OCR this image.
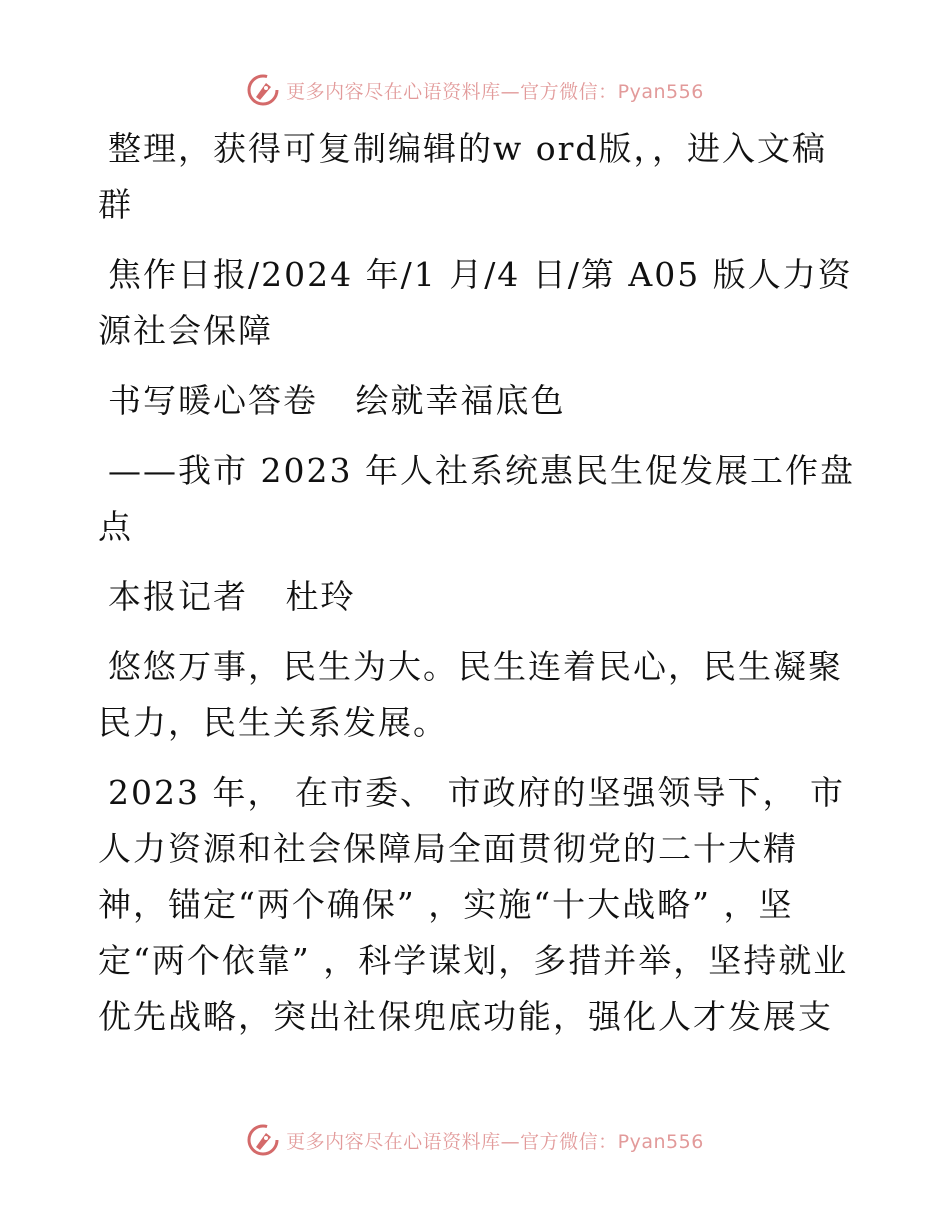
更多内容尽在心语资料库—官方微信：Pyan556

整理，获得可复制编辑的w ord版，，进入文稿群

焦作日报/2024 年/1 月/4 日/第 A05 版人力资源社会保障

书写暖心答卷   绘就幸福底色

——我市 2023 年人社系统惠民生促发展工作盘点

本报记者   杜玲

悠悠万事，民生为大。民生连着民心，民生凝聚民力，民生关系发展。

2023 年， 在市委、 市政府的坚强领导下， 市人力资源和社会保障局全面贯彻党的二十大精神，锚定“两个确保” ，实施“十大战略” ，坚定“两个依靠” ，科学谋划，多措并举，坚持就业优先战略，突出社保兜底功能，强化人才发展支

更多内容尽在心语资料库—官方微信：Pyan556
